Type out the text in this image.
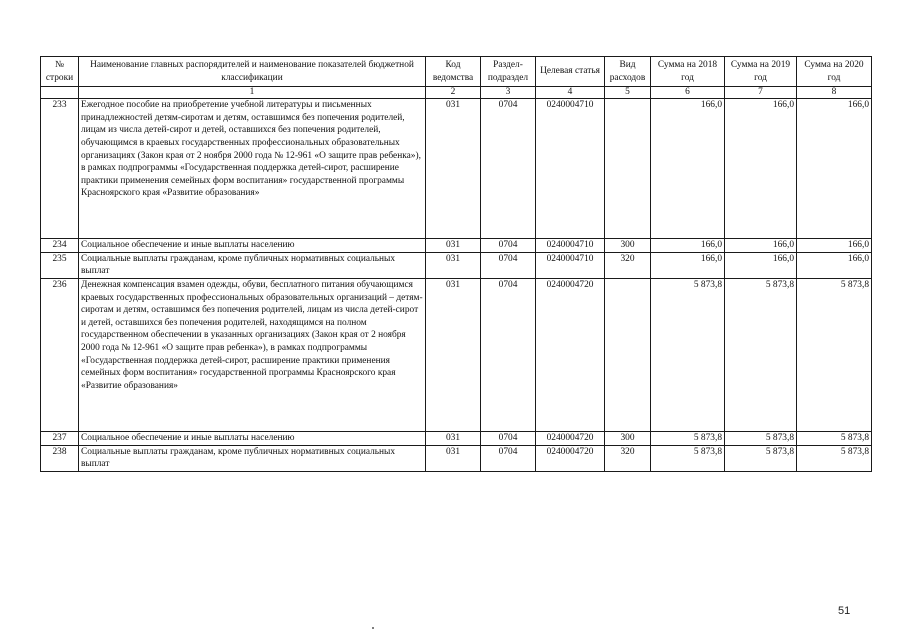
№ строки	Наименование главных распорядителей и наименование показателей бюджетной классификации	Код ведомства	Раздел-подраздел	Целевая статья	Вид расходов	Сумма на 2018 год	Сумма на 2019 год	Сумма на 2020 год
	1	2	3	4	5	6	7	8
233	Ежегодное пособие на приобретение учебной литературы и письменных принадлежностей детям-сиротам и детям, оставшимся без попечения родителей, лицам из числа детей-сирот и детей, оставшихся без попечения родителей, обучающимся в краевых государственных профессиональных образовательных организациях (Закон края от 2 ноября 2000 года № 12-961 «О защите прав ребенка»), в рамках подпрограммы «Государственная поддержка детей-сирот, расширение практики применения семейных форм воспитания» государственной программы Красноярского края «Развитие образования»	031	0704	0240004710		166,0	166,0	166,0
234	Социальное обеспечение и иные выплаты населению	031	0704	0240004710	300	166,0	166,0	166,0
235	Социальные выплаты гражданам, кроме публичных нормативных социальных выплат	031	0704	0240004710	320	166,0	166,0	166,0
236	Денежная компенсация взамен одежды, обуви, бесплатного питания обучающимся краевых государственных профессиональных образовательных организаций – детям-сиротам и детям, оставшимся без попечения родителей, лицам из числа детей-сирот и детей, оставшихся без попечения родителей, находящимся на полном государственном обеспечении в указанных организациях (Закон края от 2 ноября 2000 года № 12-961 «О защите прав ребенка»), в рамках подпрограммы «Государственная поддержка детей-сирот, расширение практики применения семейных форм воспитания» государственной программы Красноярского края «Развитие образования»	031	0704	0240004720		5 873,8	5 873,8	5 873,8
237	Социальное обеспечение и иные выплаты населению	031	0704	0240004720	300	5 873,8	5 873,8	5 873,8
238	Социальные выплаты гражданам, кроме публичных нормативных социальных выплат	031	0704	0240004720	320	5 873,8	5 873,8	5 873,8
51
